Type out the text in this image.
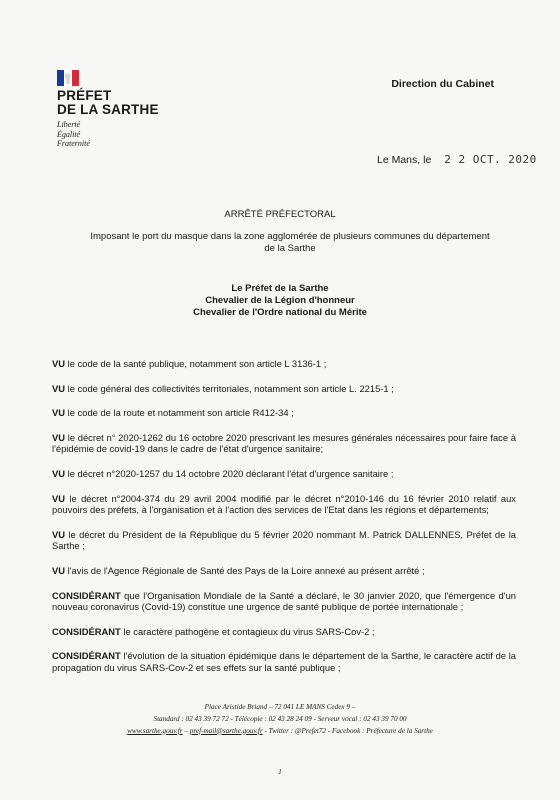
PRÉFET
DE LA SARTHE
Liberté
Égalité
Fraternité
Direction du Cabinet
Le Mans, le 2 2 OCT. 2020
ARRÊTÉ PRÉFECTORAL
Imposant le port du masque dans la zone agglomérée de plusieurs communes du département de la Sarthe
Le Préfet de la Sarthe
Chevalier de la Légion d'honneur
Chevalier de l'Ordre national du Mérite

VU le code de la santé publique, notamment son article L 3136-1 ;

VU le code général des collectivités territoriales, notamment son article L. 2215-1 ;

VU le code de la route et notamment son article R412-34 ;

VU le décret n° 2020-1262 du 16 octobre 2020 prescrivant les mesures générales nécessaires pour faire face à l'épidémie de covid-19 dans le cadre de l'état d'urgence sanitaire;

VU le décret n°2020-1257 du 14 octobre 2020 déclarant l'état d'urgence sanitaire ;

VU le décret n°2004-374 du 29 avril 2004 modifié par le décret n°2010-146 du 16 février 2010 relatif aux pouvoirs des préfets, à l'organisation et à l'action des services de l'Etat dans les régions et départements;

VU le décret du Président de la République du 5 février 2020 nommant M. Patrick DALLENNES, Préfet de la Sarthe ;

VU l'avis de l'Agence Régionale de Santé des Pays de la Loire annexé au présent arrêté ;

CONSIDÉRANT que l'Organisation Mondiale de la Santé a déclaré, le 30 janvier 2020, que l'émergence d'un nouveau coronavirus (Covid-19) constitue une urgence de santé publique de portée internationale ;

CONSIDÉRANT le caractère pathogène et contagieux du virus SARS-Cov-2 ;

CONSIDÉRANT l'évolution de la situation épidémique dans le département de la Sarthe, le caractère actif de la propagation du virus SARS-Cov-2 et ses effets sur la santé publique ;

Place Aristide Briand – 72 041 LE MANS Cedex 9 –
Standard : 02 43 39 72 72 - Télécopie : 02 43 28 24 09 - Serveur vocal : 02 43 39 70 00
www.sarthe.gouv.fr – pref-mail@sarthe.gouv.fr - Twitter : @Prefet72 - Facebook : Préfecture de la Sarthe
1
